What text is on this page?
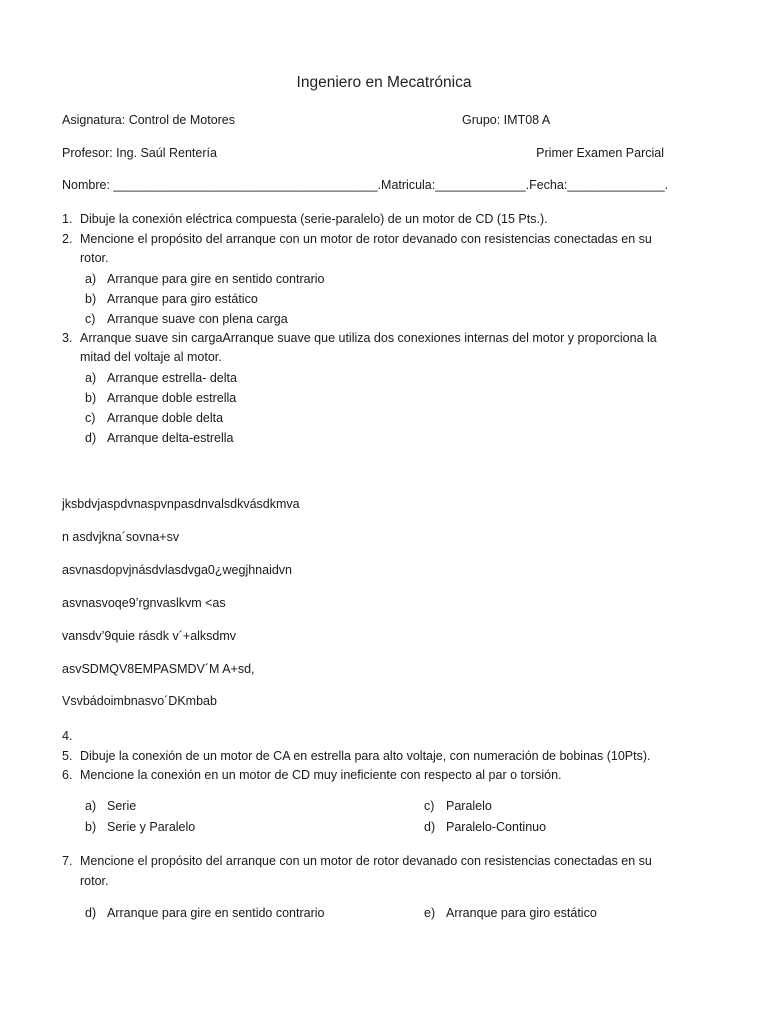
Ingeniero en Mecatrónica
Asignatura: Control de Motores	Grupo: IMT08 A
Profesor: Ing. Saúl Rentería	Primer Examen Parcial
Nombre: ______________________________________.Matricula:_____________.Fecha:______________.
1. Dibuje la conexión eléctrica compuesta (serie-paralelo) de un motor de CD (15 Pts.).
2. Mencione el propósito del arranque con un motor de rotor devanado con resistencias conectadas en su rotor.
a) Arranque para gire en sentido contrario
b) Arranque para giro estático
c) Arranque suave con plena carga
3. Arranque suave sin cargaArranque suave que utiliza dos conexiones internas del motor y proporciona la mitad del voltaje al motor.
a) Arranque estrella- delta
b) Arranque doble estrella
c) Arranque doble delta
d) Arranque delta-estrella
jksbdvjaspdvnaspvnpasdnvalsdkvásdkmva
n asdvjkna´sovna+sv
asvnasdopvjnásdvlasdvga0¿wegjhnaidvn
asvnasvoqe9’rgnvaslkvm <as
vansdv’9quie rásdk v´+alksdmv
asvSDMQV8EMPASMDV´M A+sd,
Vsvbádoimbnasvo´DKmbab
4.

5. Dibuje la conexión de un motor de CA en estrella para alto voltaje, con numeración de bobinas (10Pts).
6. Mencione la conexión en un motor de CD muy ineficiente con respecto al par o torsión.
a) Serie
b) Serie y Paralelo
c) Paralelo
d) Paralelo-Continuo
7. Mencione el propósito del arranque con un motor de rotor devanado con resistencias conectadas en su rotor.
d) Arranque para gire en sentido contrario	e) Arranque para giro estático
